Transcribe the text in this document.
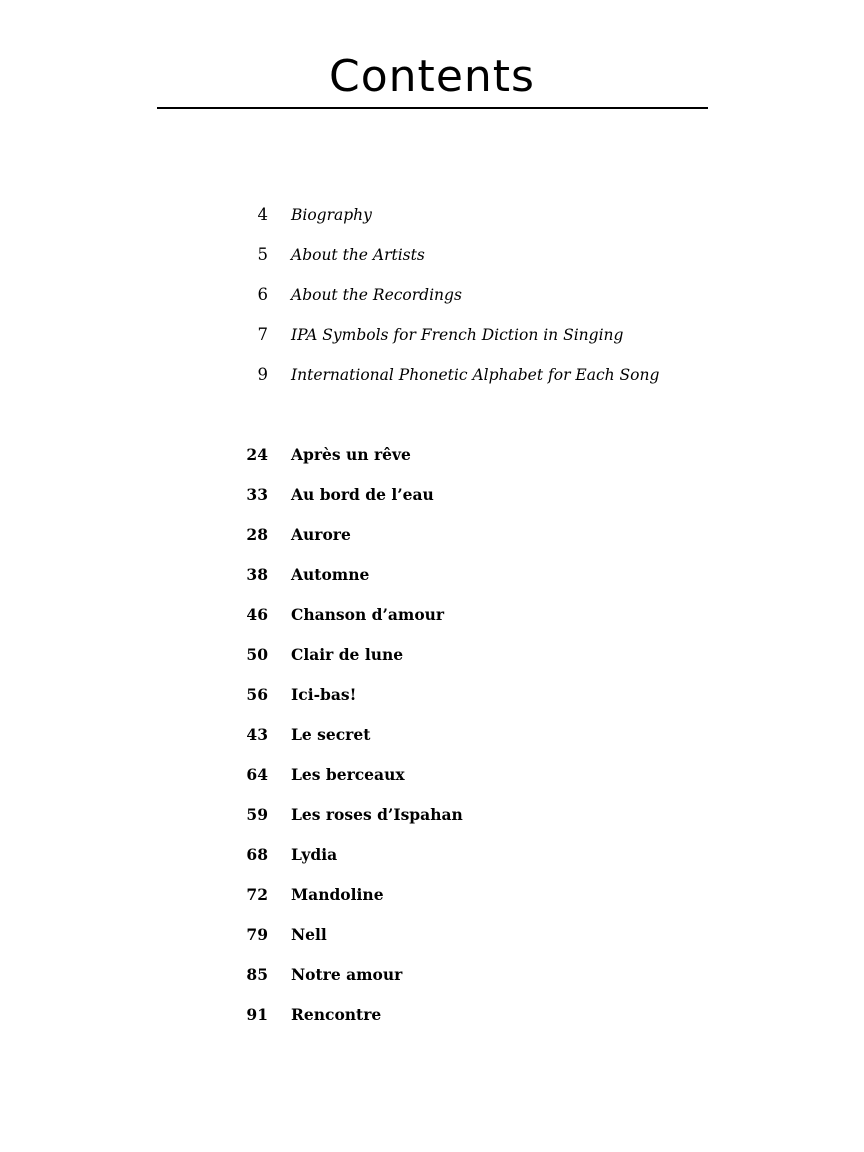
Contents
4 Biography
5 About the Artists
6 About the Recordings
7 IPA Symbols for French Diction in Singing
9 International Phonetic Alphabet for Each Song
24 Après un rêve
33 Au bord de l’eau
28 Aurore
38 Automne
46 Chanson d’amour
50 Clair de lune
56 Ici-bas!
43 Le secret
64 Les berceaux
59 Les roses d’Ispahan
68 Lydia
72 Mandoline
79 Nell
85 Notre amour
91 Rencontre
